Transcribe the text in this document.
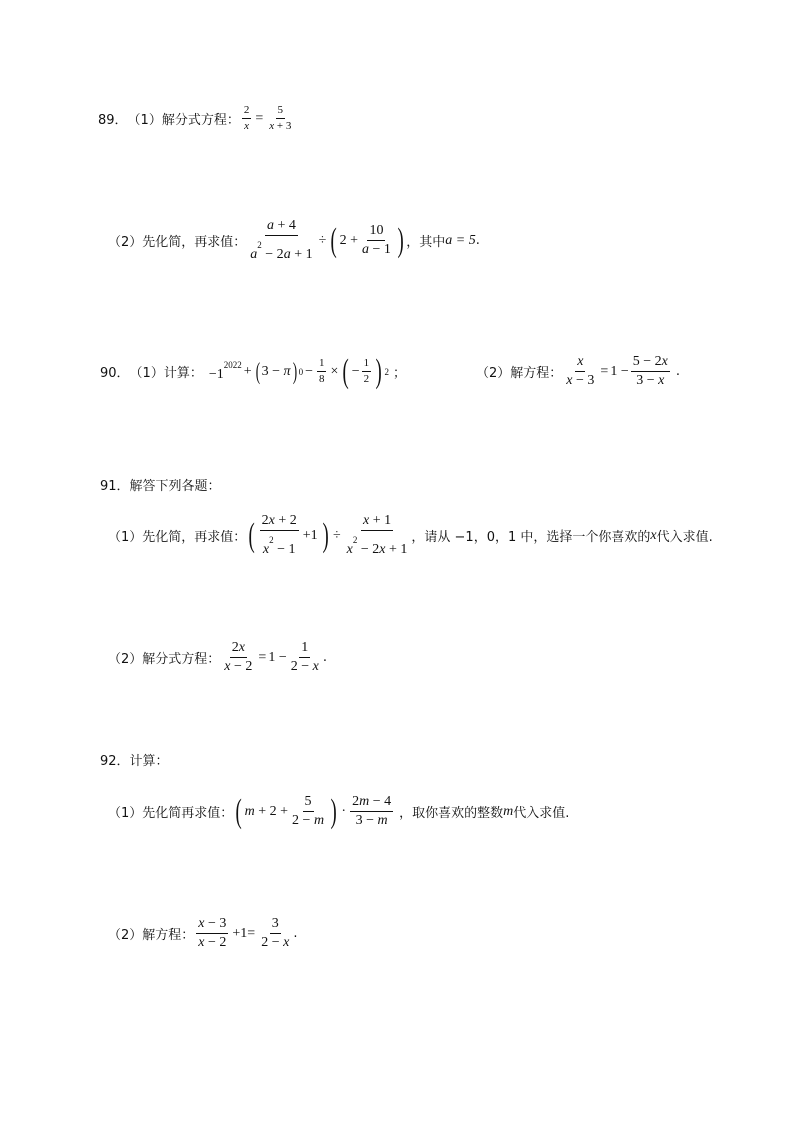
89． （1）解分式方程： $\frac{2}{x} = \frac{5}{x + 3}$
（2）先化简，再求值： $\frac{a + 4}{a^2 - 2a + 1}$ ÷ ( $2 + \frac{10}{a - 1}$ ) ，其中 a = 5 .
90． （1）计算： $-1^{2022}$ + ( 3 − π ) $0 - \frac{1}{8}$ × ( − $\frac{1}{2}$ ) 2 ；	（2）解方程： $\frac{x}{x - 3} = 1 - \frac{5 - 2x}{3 - x}$ .
91． 解答下列各题：
（1）先化简，再求值： ( $\frac{2x + 2}{x^2 - 1} +1$ ) ÷ $\frac{x + 1}{x^2 - 2x + 1}$ ，请从 −1，0，1 中，选择一个你喜欢的 x 代入求值.
（2）解分式方程： $\frac{2x}{x - 2} = 1 - \frac{1}{2 - x}$ .
92． 计算：
（1）先化简再求值： ( $m + 2 + \frac{5}{2 - m}$ ) · $\frac{2m - 4}{3 - m}$ ，取你喜欢的整数 m 代入求值.
（2）解方程： $\frac{x - 3}{x - 2} +1= \frac{3}{2 - x}$ .
